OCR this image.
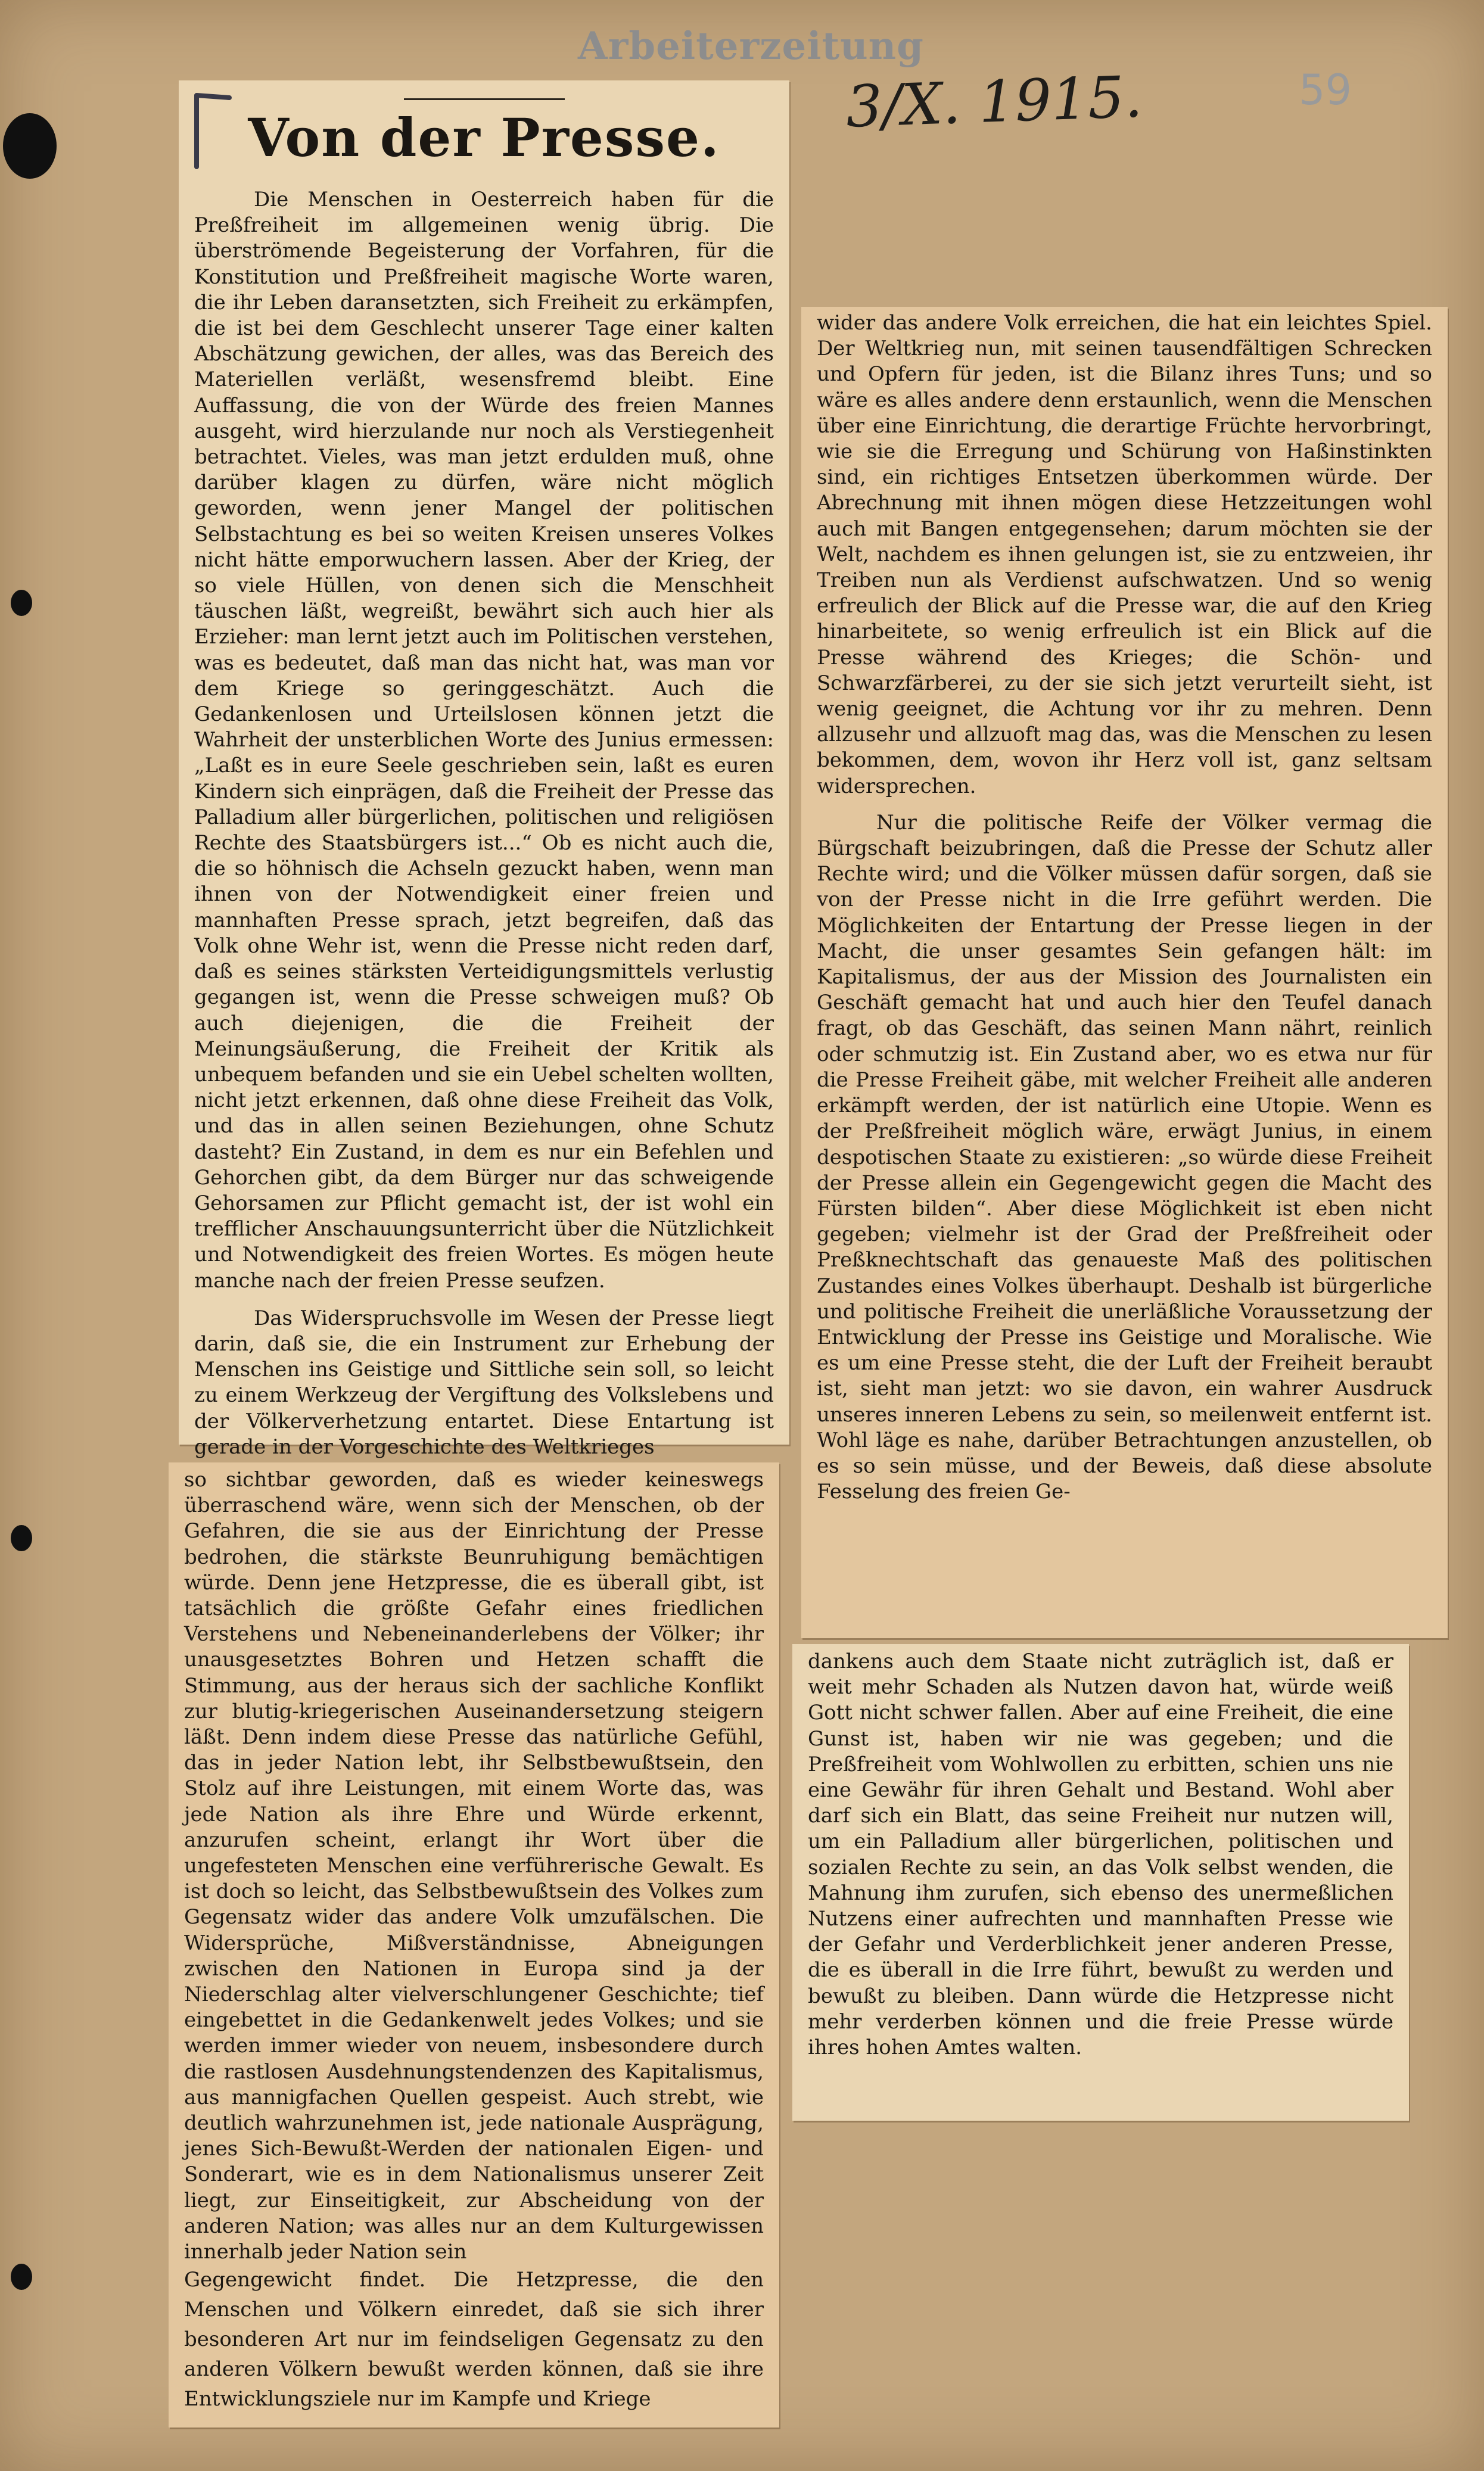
Arbeiterzeitung
3/X. 1915.	59
Von der Presse.

Die Menschen in Oesterreich haben für die Preßfreiheit im allgemeinen wenig übrig. Die überströmende Begeisterung der Vorfahren, für die Konstitution und Preßfreiheit magische Worte waren, die ihr Leben daransetzten, sich Freiheit zu erkämpfen, die ist bei dem Geschlecht unserer Tage einer kalten Abschätzung gewichen, der alles, was das Bereich des Materiellen verläßt, wesensfremd bleibt. Eine Auffassung, die von der Würde des freien Mannes ausgeht, wird hierzulande nur noch als Verstiegenheit betrachtet. Vieles, was man jetzt erdulden muß, ohne darüber klagen zu dürfen, wäre nicht möglich geworden, wenn jener Mangel der politischen Selbstachtung es bei so weiten Kreisen unseres Volkes nicht hätte emporwuchern lassen. Aber der Krieg, der so viele Hüllen, von denen sich die Menschheit täuschen läßt, wegreißt, bewährt sich auch hier als Erzieher: man lernt jetzt auch im Politischen verstehen, was es bedeutet, daß man das nicht hat, was man vor dem Kriege so geringgeschätzt. Auch die Gedankenlosen und Urteilslosen können jetzt die Wahrheit der unsterblichen Worte des Junius ermessen: „Laßt es in eure Seele geschrieben sein, laßt es euren Kindern sich einprägen, daß die Freiheit der Presse das Palladium aller bürgerlichen, politischen und religiösen Rechte des Staatsbürgers ist...“ Ob es nicht auch die, die so höhnisch die Achseln gezuckt haben, wenn man ihnen von der Notwendigkeit einer freien und mannhaften Presse sprach, jetzt begreifen, daß das Volk ohne Wehr ist, wenn die Presse nicht reden darf, daß es seines stärksten Verteidigungsmittels verlustig gegangen ist, wenn die Presse schweigen muß? Ob auch diejenigen, die die Freiheit der Meinungsäußerung, die Freiheit der Kritik als unbequem befanden und sie ein Uebel schelten wollten, nicht jetzt erkennen, daß ohne diese Freiheit das Volk, und das in allen seinen Beziehungen, ohne Schutz dasteht? Ein Zustand, in dem es nur ein Befehlen und Gehorchen gibt, da dem Bürger nur das schweigende Gehorsamen zur Pflicht gemacht ist, der ist wohl ein trefflicher Anschauungsunterricht über die Nützlichkeit und Notwendigkeit des freien Wortes. Es mögen heute manche nach der freien Presse seufzen.

Das Widerspruchsvolle im Wesen der Presse liegt darin, daß sie, die ein Instrument zur Erhebung der Menschen ins Geistige und Sittliche sein soll, so leicht zu einem Werkzeug der Vergiftung des Volkslebens und der Völkerverhetzung entartet. Diese Entartung ist gerade in der Vorgeschichte des Weltkrieges

so sichtbar geworden, daß es wieder keineswegs überraschend wäre, wenn sich der Menschen, ob der Gefahren, die sie aus der Einrichtung der Presse bedrohen, die stärkste Beunruhigung bemächtigen würde. Denn jene Hetzpresse, die es überall gibt, ist tatsächlich die größte Gefahr eines friedlichen Verstehens und Nebeneinanderlebens der Völker; ihr unausgesetztes Bohren und Hetzen schafft die Stimmung, aus der heraus sich der sachliche Konflikt zur blutig-kriegerischen Auseinandersetzung steigern läßt. Denn indem diese Presse das natürliche Gefühl, das in jeder Nation lebt, ihr Selbstbewußtsein, den Stolz auf ihre Leistungen, mit einem Worte das, was jede Nation als ihre Ehre und Würde erkennt, anzurufen scheint, erlangt ihr Wort über die ungefesteten Menschen eine verführerische Gewalt. Es ist doch so leicht, das Selbstbewußtsein des Volkes zum Gegensatz wider das andere Volk umzufälschen. Die Widersprüche, Mißverständnisse, Abneigungen zwischen den Nationen in Europa sind ja der Niederschlag alter vielverschlungener Geschichte; tief eingebettet in die Gedankenwelt jedes Volkes; und sie werden immer wieder von neuem, insbesondere durch die rastlosen Ausdehnungstendenzen des Kapitalismus, aus mannigfachen Quellen gespeist. Auch strebt, wie deutlich wahrzunehmen ist, jede nationale Ausprägung, jenes Sich-Bewußt-Werden der nationalen Eigen- und Sonderart, wie es in dem Nationalismus unserer Zeit liegt, zur Einseitigkeit, zur Abscheidung von der anderen Nation; was alles nur an dem Kulturgewissen innerhalb jeder Nation sein

Gegengewicht findet. Die Hetzpresse, die den Menschen und Völkern einredet, daß sie sich ihrer besonderen Art nur im feindseligen Gegensatz zu den anderen Völkern bewußt werden können, daß sie ihre Entwicklungsziele nur im Kampfe und Kriege

wider das andere Volk erreichen, die hat ein leichtes Spiel. Der Weltkrieg nun, mit seinen tausendfältigen Schrecken und Opfern für jeden, ist die Bilanz ihres Tuns; und so wäre es alles andere denn erstaunlich, wenn die Menschen über eine Einrichtung, die derartige Früchte hervorbringt, wie sie die Erregung und Schürung von Haßinstinkten sind, ein richtiges Entsetzen überkommen würde. Der Abrechnung mit ihnen mögen diese Hetzzeitungen wohl auch mit Bangen entgegensehen; darum möchten sie der Welt, nachdem es ihnen gelungen ist, sie zu entzweien, ihr Treiben nun als Verdienst aufschwatzen. Und so wenig erfreulich der Blick auf die Presse war, die auf den Krieg hinarbeitete, so wenig erfreulich ist ein Blick auf die Presse während des Krieges; die Schön- und Schwarzfärberei, zu der sie sich jetzt verurteilt sieht, ist wenig geeignet, die Achtung vor ihr zu mehren. Denn allzusehr und allzuoft mag das, was die Menschen zu lesen bekommen, dem, wovon ihr Herz voll ist, ganz seltsam widersprechen.

Nur die politische Reife der Völker vermag die Bürgschaft beizubringen, daß die Presse der Schutz aller Rechte wird; und die Völker müssen dafür sorgen, daß sie von der Presse nicht in die Irre geführt werden. Die Möglichkeiten der Entartung der Presse liegen in der Macht, die unser gesamtes Sein gefangen hält: im Kapitalismus, der aus der Mission des Journalisten ein Geschäft gemacht hat und auch hier den Teufel danach fragt, ob das Geschäft, das seinen Mann nährt, reinlich oder schmutzig ist. Ein Zustand aber, wo es etwa nur für die Presse Freiheit gäbe, mit welcher Freiheit alle anderen erkämpft werden, der ist natürlich eine Utopie. Wenn es der Preßfreiheit möglich wäre, erwägt Junius, in einem despotischen Staate zu existieren: „so würde diese Freiheit der Presse allein ein Gegengewicht gegen die Macht des Fürsten bilden“. Aber diese Möglichkeit ist eben nicht gegeben; vielmehr ist der Grad der Preßfreiheit oder Preßknechtschaft das genaueste Maß des politischen Zustandes eines Volkes überhaupt. Deshalb ist bürgerliche und politische Freiheit die unerläßliche Voraussetzung der Entwicklung der Presse ins Geistige und Moralische. Wie es um eine Presse steht, die der Luft der Freiheit beraubt ist, sieht man jetzt: wo sie davon, ein wahrer Ausdruck unseres inneren Lebens zu sein, so meilenweit entfernt ist. Wohl läge es nahe, darüber Betrachtungen anzustellen, ob es so sein müsse, und der Beweis, daß diese absolute Fesselung des freien Ge-

dankens auch dem Staate nicht zuträglich ist, daß er weit mehr Schaden als Nutzen davon hat, würde weiß Gott nicht schwer fallen. Aber auf eine Freiheit, die eine Gunst ist, haben wir nie was gegeben; und die Preßfreiheit vom Wohlwollen zu erbitten, schien uns nie eine Gewähr für ihren Gehalt und Bestand. Wohl aber darf sich ein Blatt, das seine Freiheit nur nutzen will, um ein Palladium aller bürgerlichen, politischen und sozialen Rechte zu sein, an das Volk selbst wenden, die Mahnung ihm zurufen, sich ebenso des unermeßlichen Nutzens einer aufrechten und mannhaften Presse wie der Gefahr und Verderblichkeit jener anderen Presse, die es überall in die Irre führt, bewußt zu werden und bewußt zu bleiben. Dann würde die Hetzpresse nicht mehr verderben können und die freie Presse würde ihres hohen Amtes walten.
